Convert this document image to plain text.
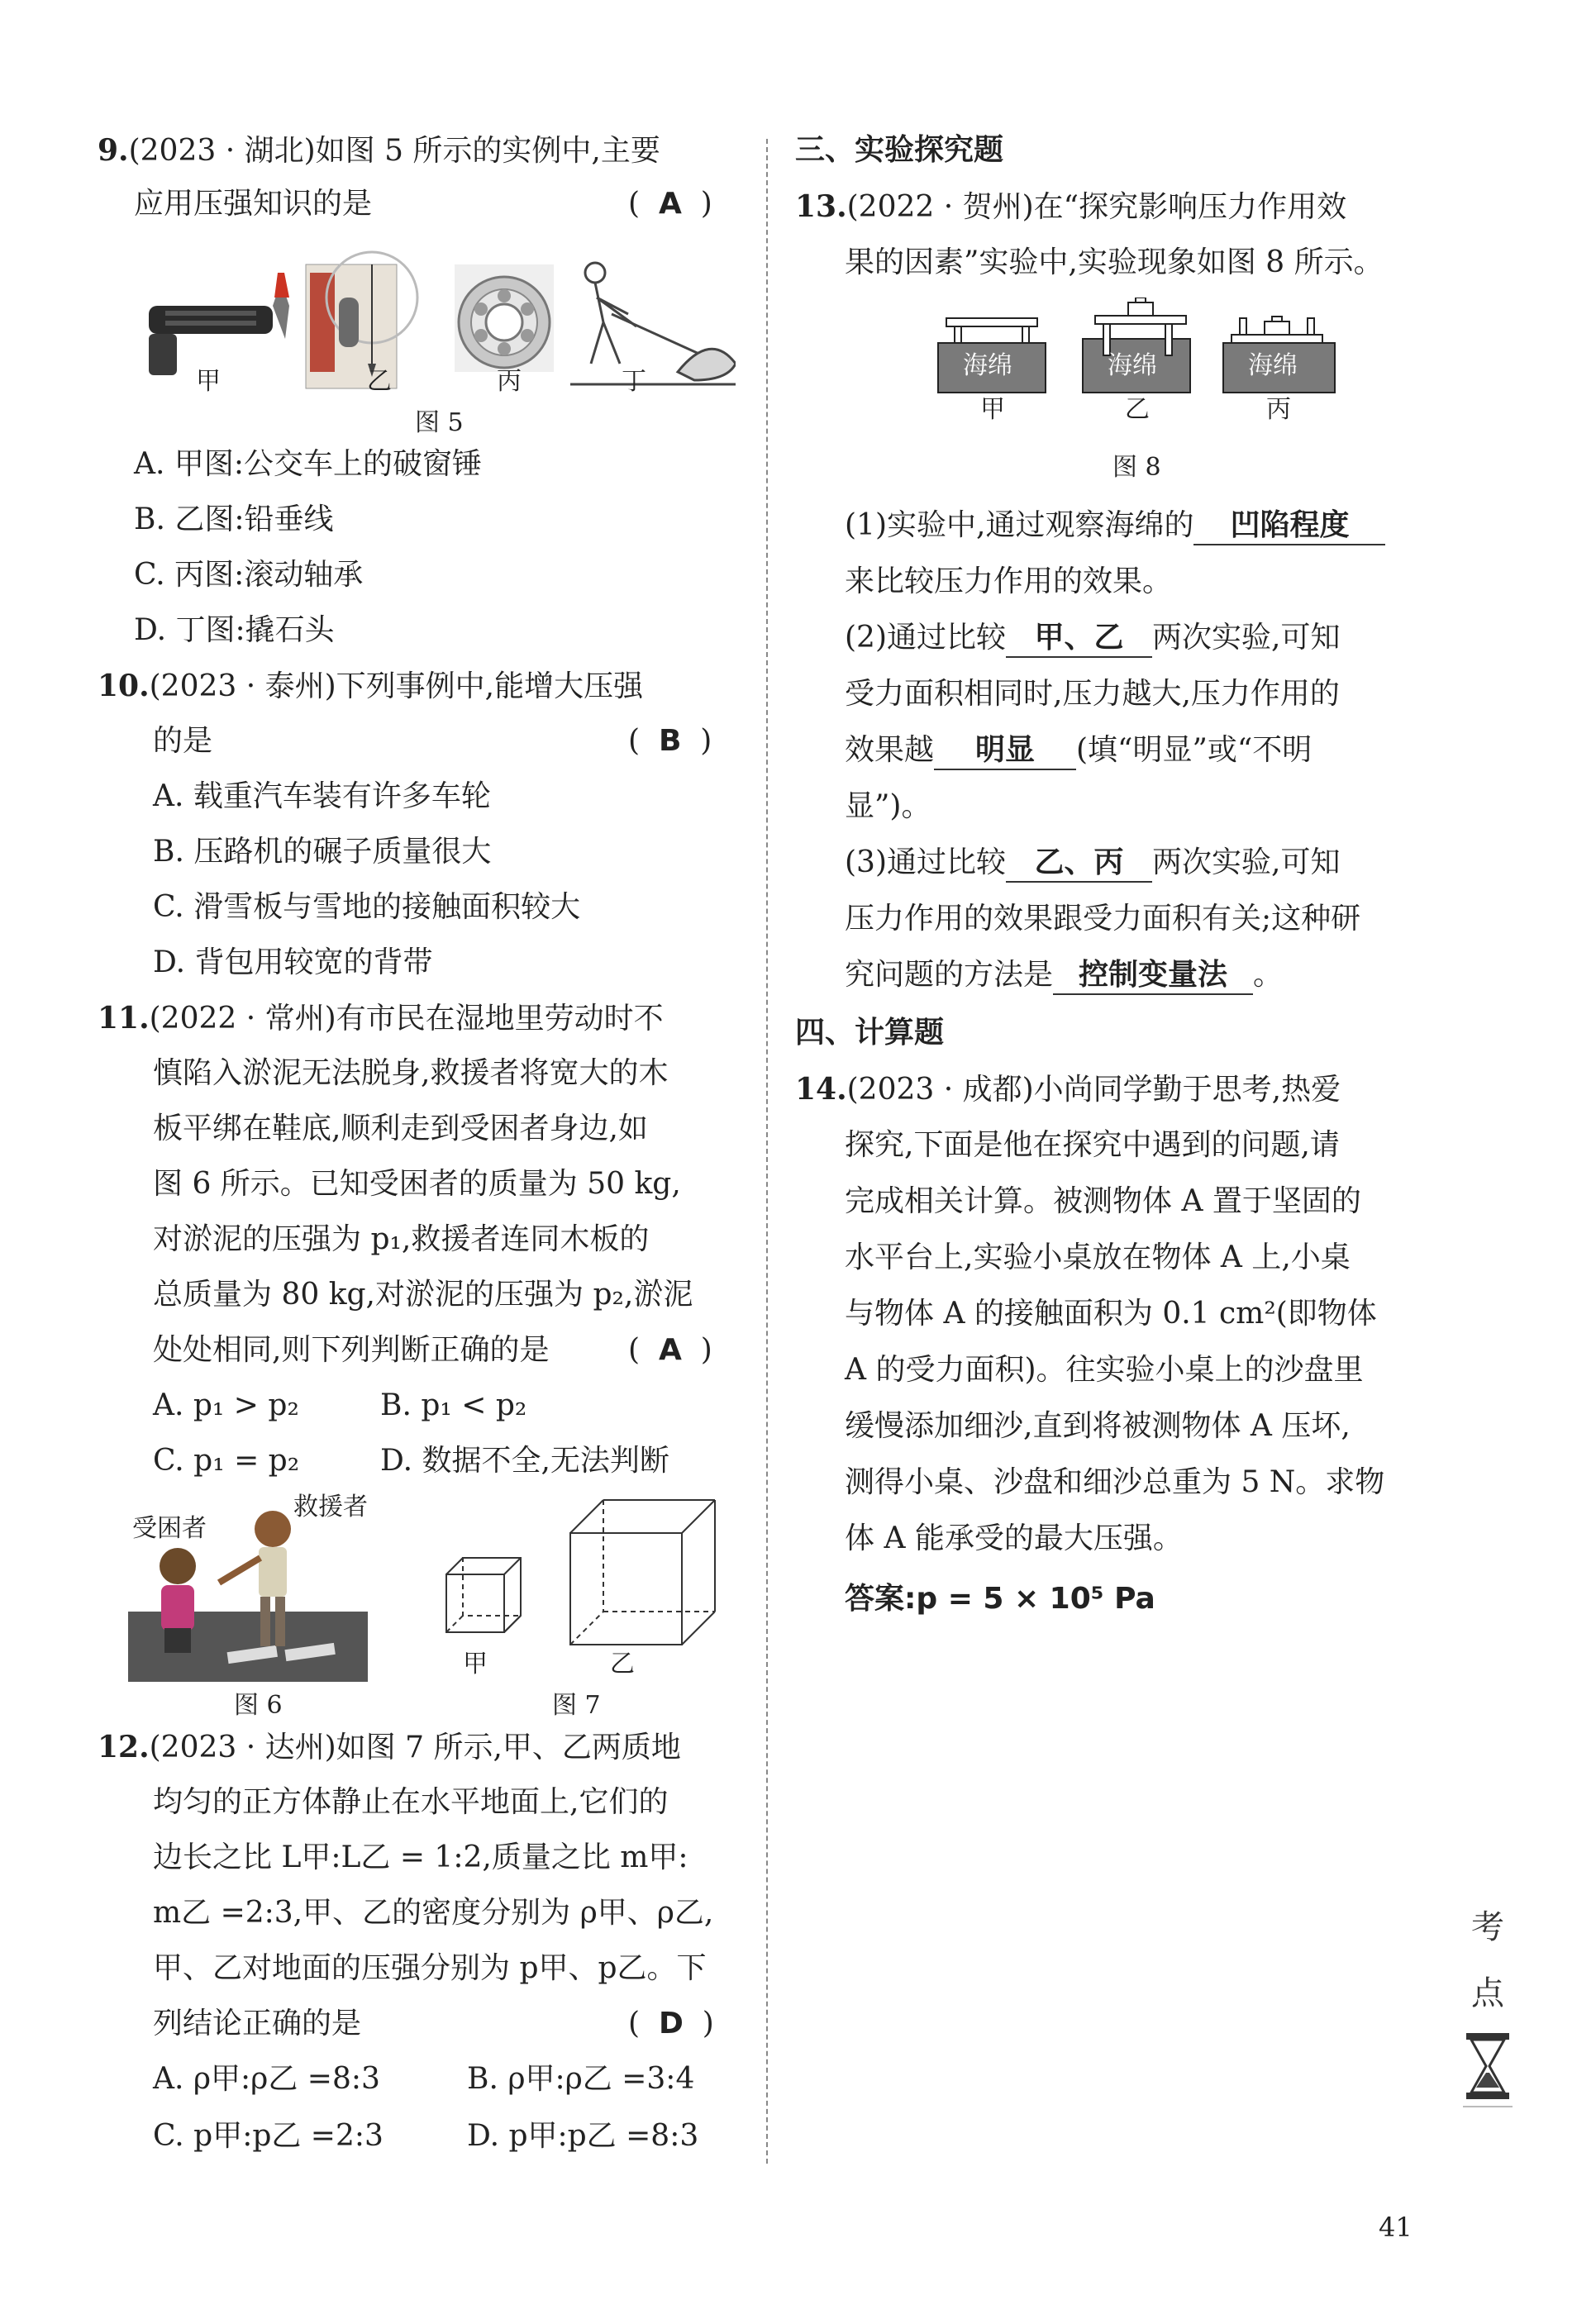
9.(2023 · 湖北)如图 5 所示的实例中,主要
应用压强知识的是	(  A  )
甲	乙	丙	丁
图 5
A. 甲图:公交车上的破窗锤
B. 乙图:铅垂线
C. 丙图:滚动轴承
D. 丁图:撬石头
10.(2023 · 泰州)下列事例中,能增大压强
的是	(  B  )
A. 载重汽车装有许多车轮
B. 压路机的碾子质量很大
C. 滑雪板与雪地的接触面积较大
D. 背包用较宽的背带
11.(2022 · 常州)有市民在湿地里劳动时不
慎陷入淤泥无法脱身,救援者将宽大的木
板平绑在鞋底,顺利走到受困者身边,如
图 6 所示。已知受困者的质量为 50 kg,
对淤泥的压强为 p₁,救援者连同木板的
总质量为 80 kg,对淤泥的压强为 p₂,淤泥
处处相同,则下列判断正确的是	(  A  )
A. p₁ > p₂	B. p₁ < p₂
C. p₁ = p₂	D. 数据不全,无法判断
受困者
救援者
图 6
甲	乙
图 7
12.(2023 · 达州)如图 7 所示,甲、乙两质地
均匀的正方体静止在水平地面上,它们的
边长之比 L甲:L乙 = 1:2,质量之比 m甲:
m乙 =2:3,甲、乙的密度分别为 ρ甲、ρ乙,
甲、乙对地面的压强分别为 p甲、p乙。下
列结论正确的是	(  D  )
A. ρ甲:ρ乙 =8:3	B. ρ甲:ρ乙 =3:4
C. p甲:p乙 =2:3	D. p甲:p乙 =8:3
三、实验探究题
13.(2022 · 贺州)在“探究影响压力作用效
果的因素”实验中,实验现象如图 8 所示。
海绵	海绵	海绵
甲	乙	丙
图 8
(1)实验中,通过观察海绵的 凹陷程度
来比较压力作用的效果。
(2)通过比较 甲、乙 两次实验,可知
受力面积相同时,压力越大,压力作用的
效果越 明显 (填“明显”或“不明
显”)。
(3)通过比较 乙、丙 两次实验,可知
压力作用的效果跟受力面积有关;这种研
究问题的方法是 控制变量法 。
四、计算题
14.(2023 · 成都)小尚同学勤于思考,热爱
探究,下面是他在探究中遇到的问题,请
完成相关计算。被测物体 A 置于坚固的
水平台上,实验小桌放在物体 A 上,小桌
与物体 A 的接触面积为 0.1 cm²(即物体
A 的受力面积)。往实验小桌上的沙盘里
缓慢添加细沙,直到将被测物体 A 压坏,
测得小桌、沙盘和细沙总重为 5 N。求物
体 A 能承受的最大压强。
答案:p = 5 × 10⁵ Pa
考
点
41
